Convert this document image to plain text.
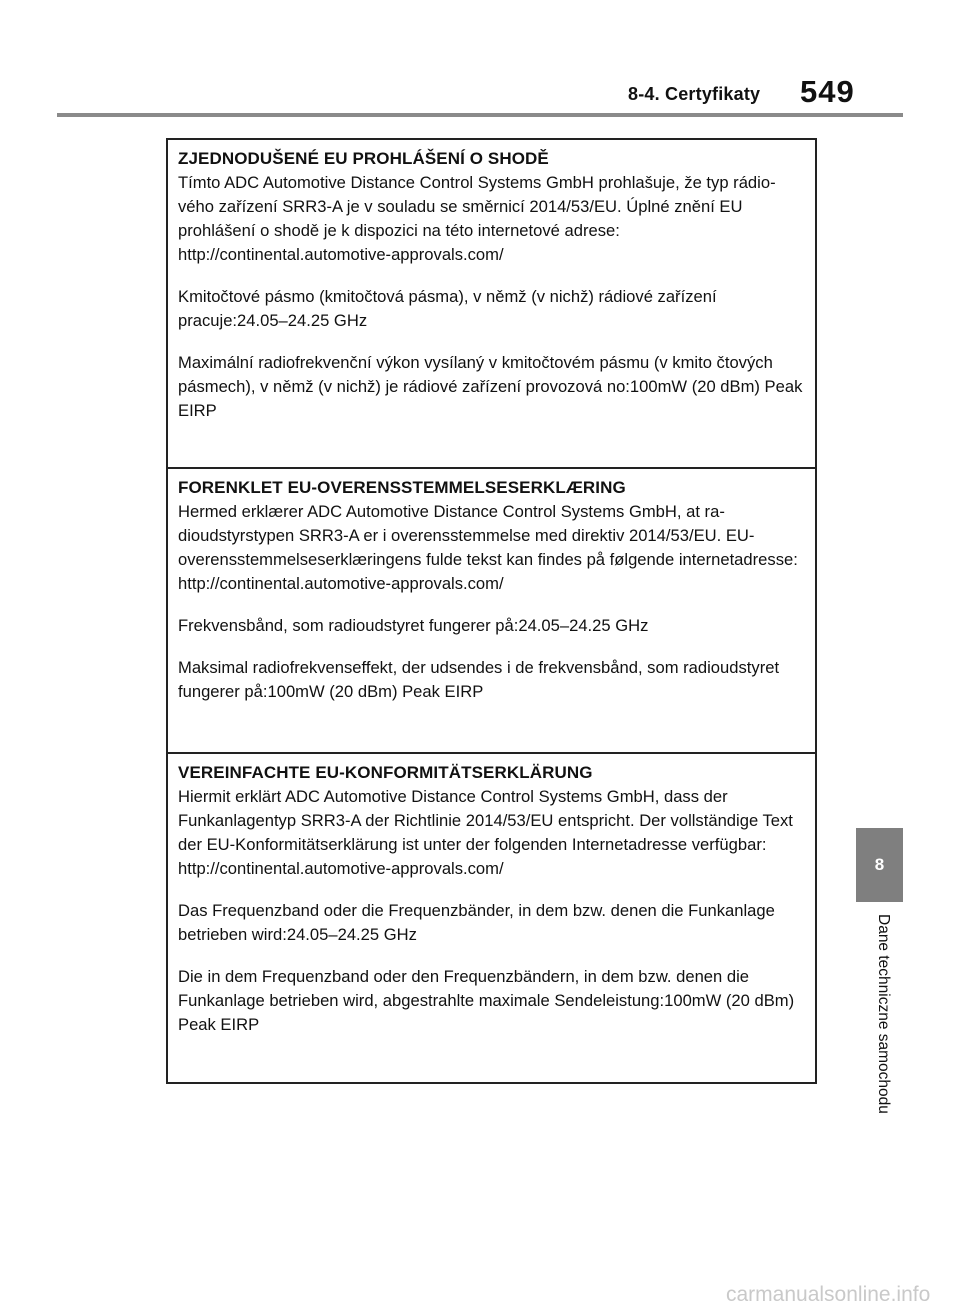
8-4. Certyfikaty 549
ZJEDNODUŠENÉ EU PROHLÁŠENÍ O SHODĚ

Tímto ADC Automotive Distance Control Systems GmbH prohlašuje, že typ rádio-vého zařízení SRR3-A je v souladu se směrnicí 2014/53/EU. Úplné znění EU prohlášení o shodě je k dispozici na této internetové adrese:
http://continental.automotive-approvals.com/

Kmitočtové pásmo (kmitočtová pásma), v němž (v nichž) rádiové zařízení pracuje:24.05–24.25 GHz

Maximální radiofrekvenční výkon vysílaný v kmitočtovém pásmu (v kmito čtových pásmech), v němž (v nichž) je rádiové zařízení provozová no:100mW (20 dBm) Peak EIRP

FORENKLET EU-OVERENSSTEMMELSESERKLÆRING

Hermed erklærer ADC Automotive Distance Control Systems GmbH, at ra-dioudstyrstypen SRR3-A er i overensstemmelse med direktiv 2014/53/EU. EU-overensstemmelseserklæringens fulde tekst kan findes på følgende internetadresse:
http://continental.automotive-approvals.com/

Frekvensbånd, som radioudstyret fungerer på:24.05–24.25 GHz

Maksimal radiofrekvenseffekt, der udsendes i de frekvensbånd, som radioudstyret fungerer på:100mW (20 dBm) Peak EIRP

VEREINFACHTE EU-KONFORMITÄTSERKLÄRUNG

Hiermit erklärt ADC Automotive Distance Control Systems GmbH, dass der Funkanlagentyp SRR3-A der Richtlinie 2014/53/EU entspricht. Der vollständige Text der EU-Konformitätserklärung ist unter der folgenden Internetadresse verfügbar:
http://continental.automotive-approvals.com/

Das Frequenzband oder die Frequenzbänder, in dem bzw. denen die Funkanlage betrieben wird:24.05–24.25 GHz

Die in dem Frequenzband oder den Frequenzbändern, in dem bzw. denen die Funkanlage betrieben wird, abgestrahlte maximale Sendeleistung:100mW (20 dBm) Peak EIRP

8
Dane techniczne samochodu
carmanualsonline.info
